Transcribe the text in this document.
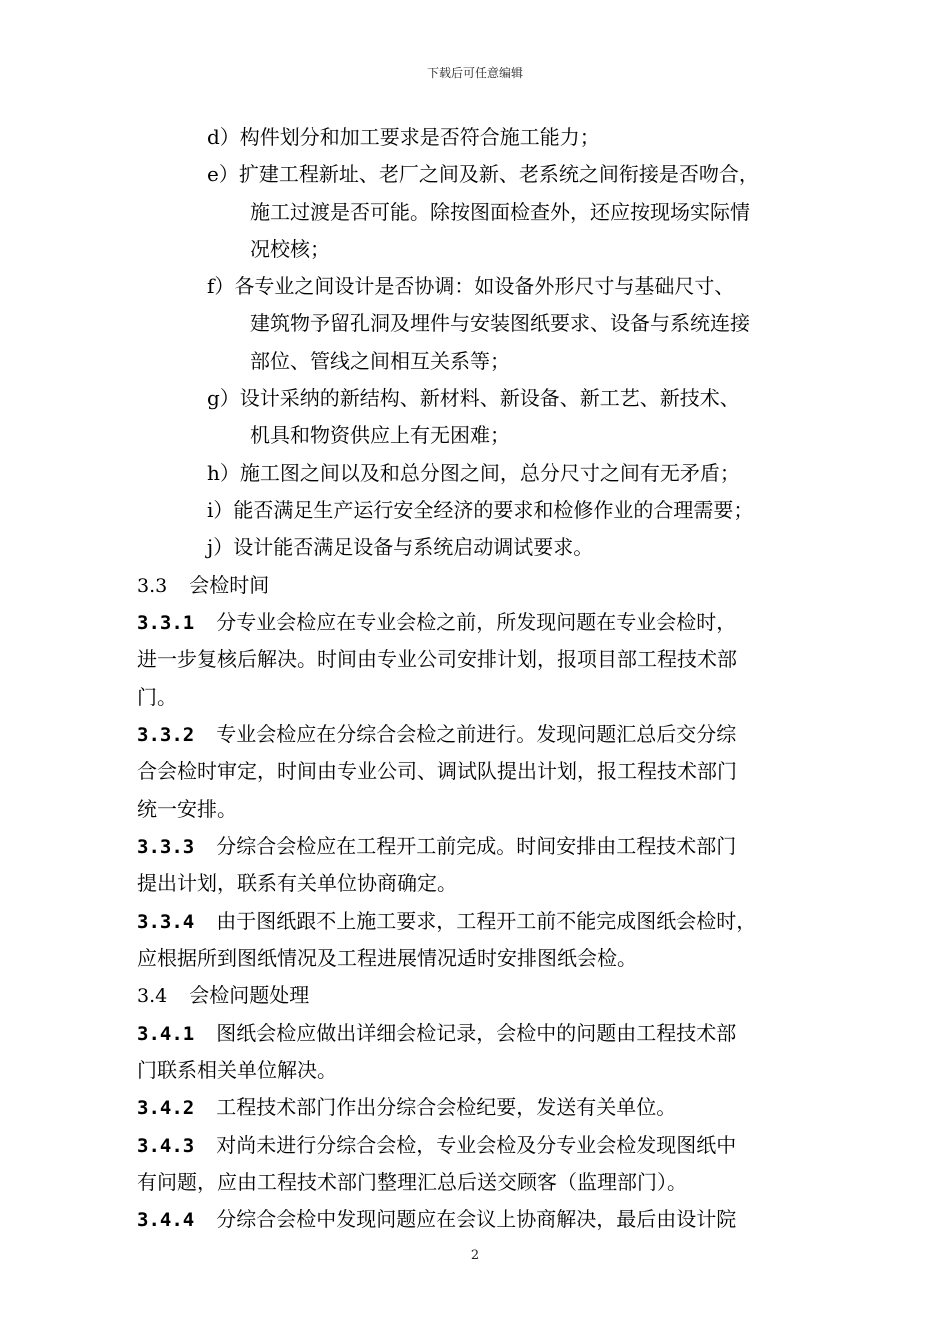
下载后可任意编辑
d）构件划分和加工要求是否符合施工能力；
e）扩建工程新址、老厂之间及新、老系统之间衔接是否吻合，
施工过渡是否可能。除按图面检查外，还应按现场实际情
况校核；
f）各专业之间设计是否协调：如设备外形尺寸与基础尺寸、
建筑物予留孔洞及埋件与安装图纸要求、设备与系统连接
部位、管线之间相互关系等；
g）设计采纳的新结构、新材料、新设备、新工艺、新技术、
机具和物资供应上有无困难；
h）施工图之间以及和总分图之间，总分尺寸之间有无矛盾；
i）能否满足生产运行安全经济的要求和检修作业的合理需要；
j）设计能否满足设备与系统启动调试要求。
3.3 会检时间
3.3.1 分专业会检应在专业会检之前，所发现问题在专业会检时，
进一步复核后解决。时间由专业公司安排计划，报项目部工程技术部
门。
3.3.2 专业会检应在分综合会检之前进行。发现问题汇总后交分综
合会检时审定，时间由专业公司、调试队提出计划，报工程技术部门
统一安排。
3.3.3 分综合会检应在工程开工前完成。时间安排由工程技术部门
提出计划，联系有关单位协商确定。
3.3.4 由于图纸跟不上施工要求，工程开工前不能完成图纸会检时，
应根据所到图纸情况及工程进展情况适时安排图纸会检。
3.4 会检问题处理
3.4.1 图纸会检应做出详细会检记录，会检中的问题由工程技术部
门联系相关单位解决。
3.4.2 工程技术部门作出分综合会检纪要，发送有关单位。
3.4.3 对尚未进行分综合会检，专业会检及分专业会检发现图纸中
有问题，应由工程技术部门整理汇总后送交顾客（监理部门）。
3.4.4 分综合会检中发现问题应在会议上协商解决，最后由设计院
2
